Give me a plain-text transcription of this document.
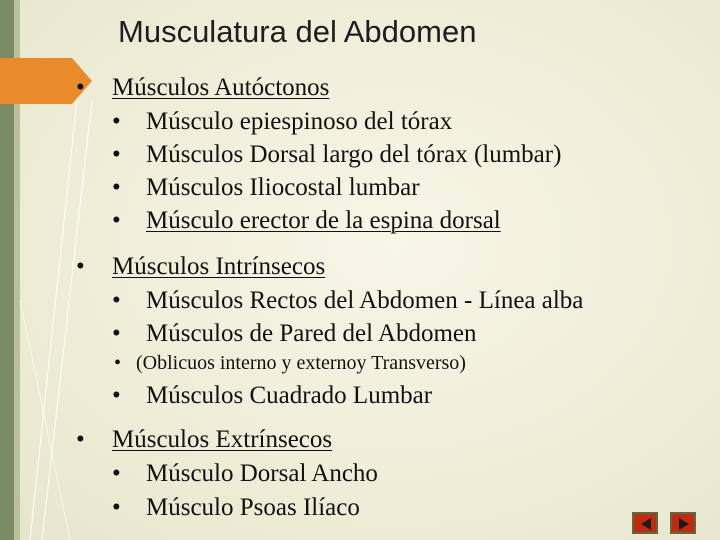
Musculatura del Abdomen
• Músculos Autóctonos
• Músculo epiespinoso del tórax
• Músculos Dorsal largo del tórax (lumbar)
• Músculos Iliocostal lumbar
• Músculo erector de la espina dorsal
• Músculos Intrínsecos
• Músculos Rectos del Abdomen - Línea alba
• Músculos de Pared del Abdomen
• (Oblicuos interno y externoy Transverso)
• Músculos Cuadrado Lumbar
• Músculos Extrínsecos
• Músculo Dorsal Ancho
• Músculo Psoas Ilíaco
